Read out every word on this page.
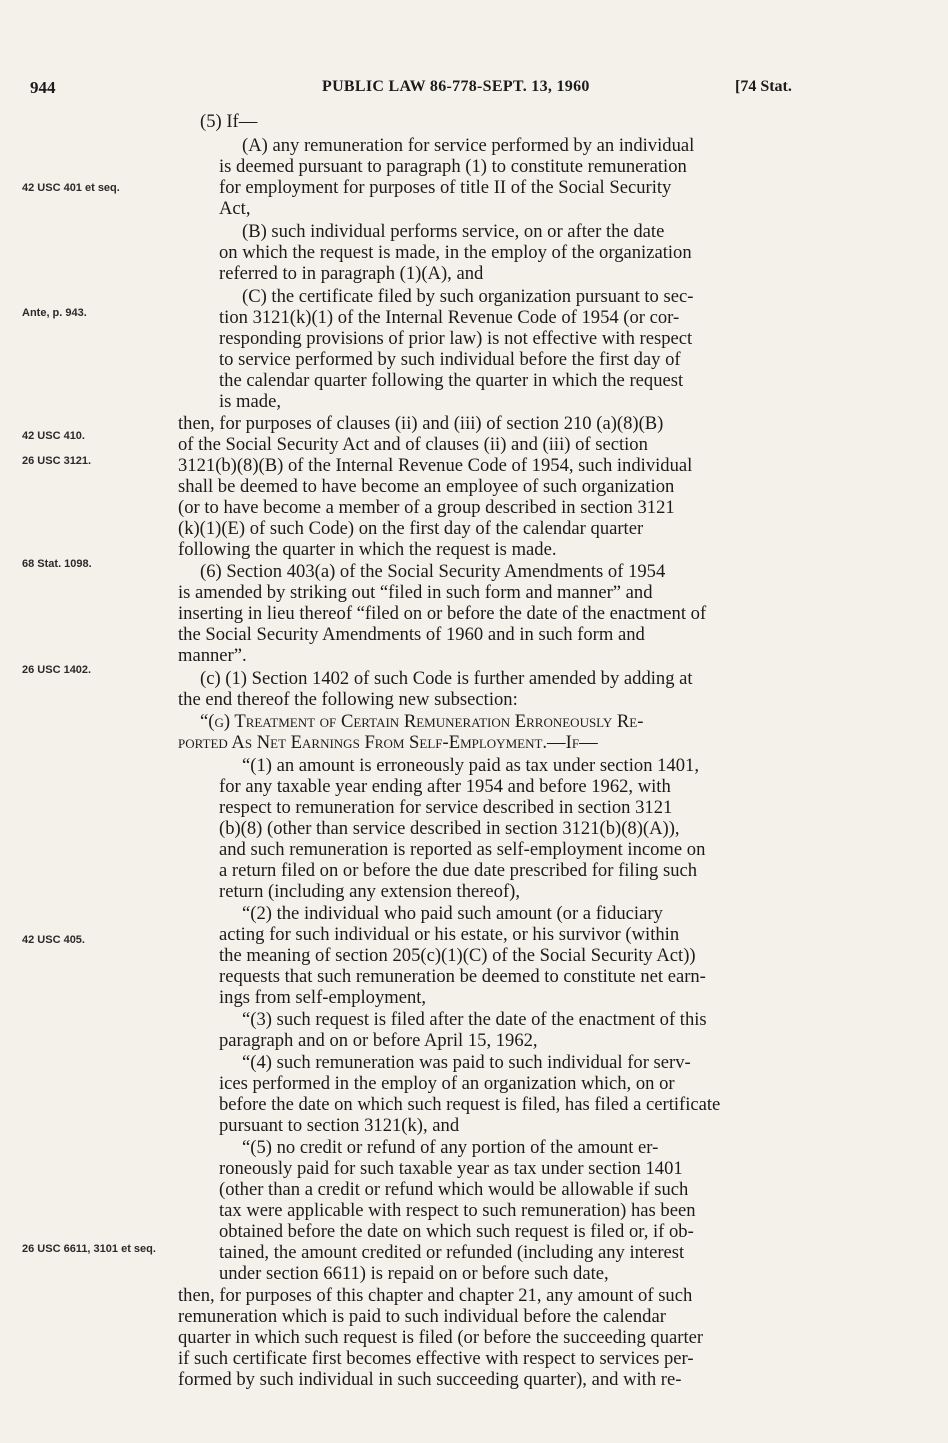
944	PUBLIC LAW 86-778-SEPT. 13, 1960	[74 Stat.
42 USC 401 et seq.
Ante, p. 943.
42 USC 410.
26 USC 3121.
68 Stat. 1098.
26 USC 1402.
42 USC 405.
26 USC 6611, 3101 et seq.
(5) If—
(A) any remuneration for service performed by an individual
is deemed pursuant to paragraph (1) to constitute remuneration
for employment for purposes of title II of the Social Security
Act,
(B) such individual performs service, on or after the date
on which the request is made, in the employ of the organization
referred to in paragraph (1)(A), and
(C) the certificate filed by such organization pursuant to sec-
tion 3121(k)(1) of the Internal Revenue Code of 1954 (or cor-
responding provisions of prior law) is not effective with respect
to service performed by such individual before the first day of
the calendar quarter following the quarter in which the request
is made,
then, for purposes of clauses (ii) and (iii) of section 210 (a)(8)(B)
of the Social Security Act and of clauses (ii) and (iii) of section
3121(b)(8)(B) of the Internal Revenue Code of 1954, such individual
shall be deemed to have become an employee of such organization
(or to have become a member of a group described in section 3121
(k)(1)(E) of such Code) on the first day of the calendar quarter
following the quarter in which the request is made.
(6) Section 403(a) of the Social Security Amendments of 1954
is amended by striking out “filed in such form and manner” and
inserting in lieu thereof “filed on or before the date of the enactment of
the Social Security Amendments of 1960 and in such form and
manner”.
(c) (1) Section 1402 of such Code is further amended by adding at
the end thereof the following new subsection:
“(g) Treatment of Certain Remuneration Erroneously Re-
ported As Net Earnings From Self-Employment.—If—
“(1) an amount is erroneously paid as tax under section 1401,
for any taxable year ending after 1954 and before 1962, with
respect to remuneration for service described in section 3121
(b)(8) (other than service described in section 3121(b)(8)(A)),
and such remuneration is reported as self-employment income on
a return filed on or before the due date prescribed for filing such
return (including any extension thereof),
“(2) the individual who paid such amount (or a fiduciary
acting for such individual or his estate, or his survivor (within
the meaning of section 205(c)(1)(C) of the Social Security Act))
requests that such remuneration be deemed to constitute net earn-
ings from self-employment,
“(3) such request is filed after the date of the enactment of this
paragraph and on or before April 15, 1962,
“(4) such remuneration was paid to such individual for serv-
ices performed in the employ of an organization which, on or
before the date on which such request is filed, has filed a certificate
pursuant to section 3121(k), and
“(5) no credit or refund of any portion of the amount er-
roneously paid for such taxable year as tax under section 1401
(other than a credit or refund which would be allowable if such
tax were applicable with respect to such remuneration) has been
obtained before the date on which such request is filed or, if ob-
tained, the amount credited or refunded (including any interest
under section 6611) is repaid on or before such date,
then, for purposes of this chapter and chapter 21, any amount of such
remuneration which is paid to such individual before the calendar
quarter in which such request is filed (or before the succeeding quarter
if such certificate first becomes effective with respect to services per-
formed by such individual in such succeeding quarter), and with re-
